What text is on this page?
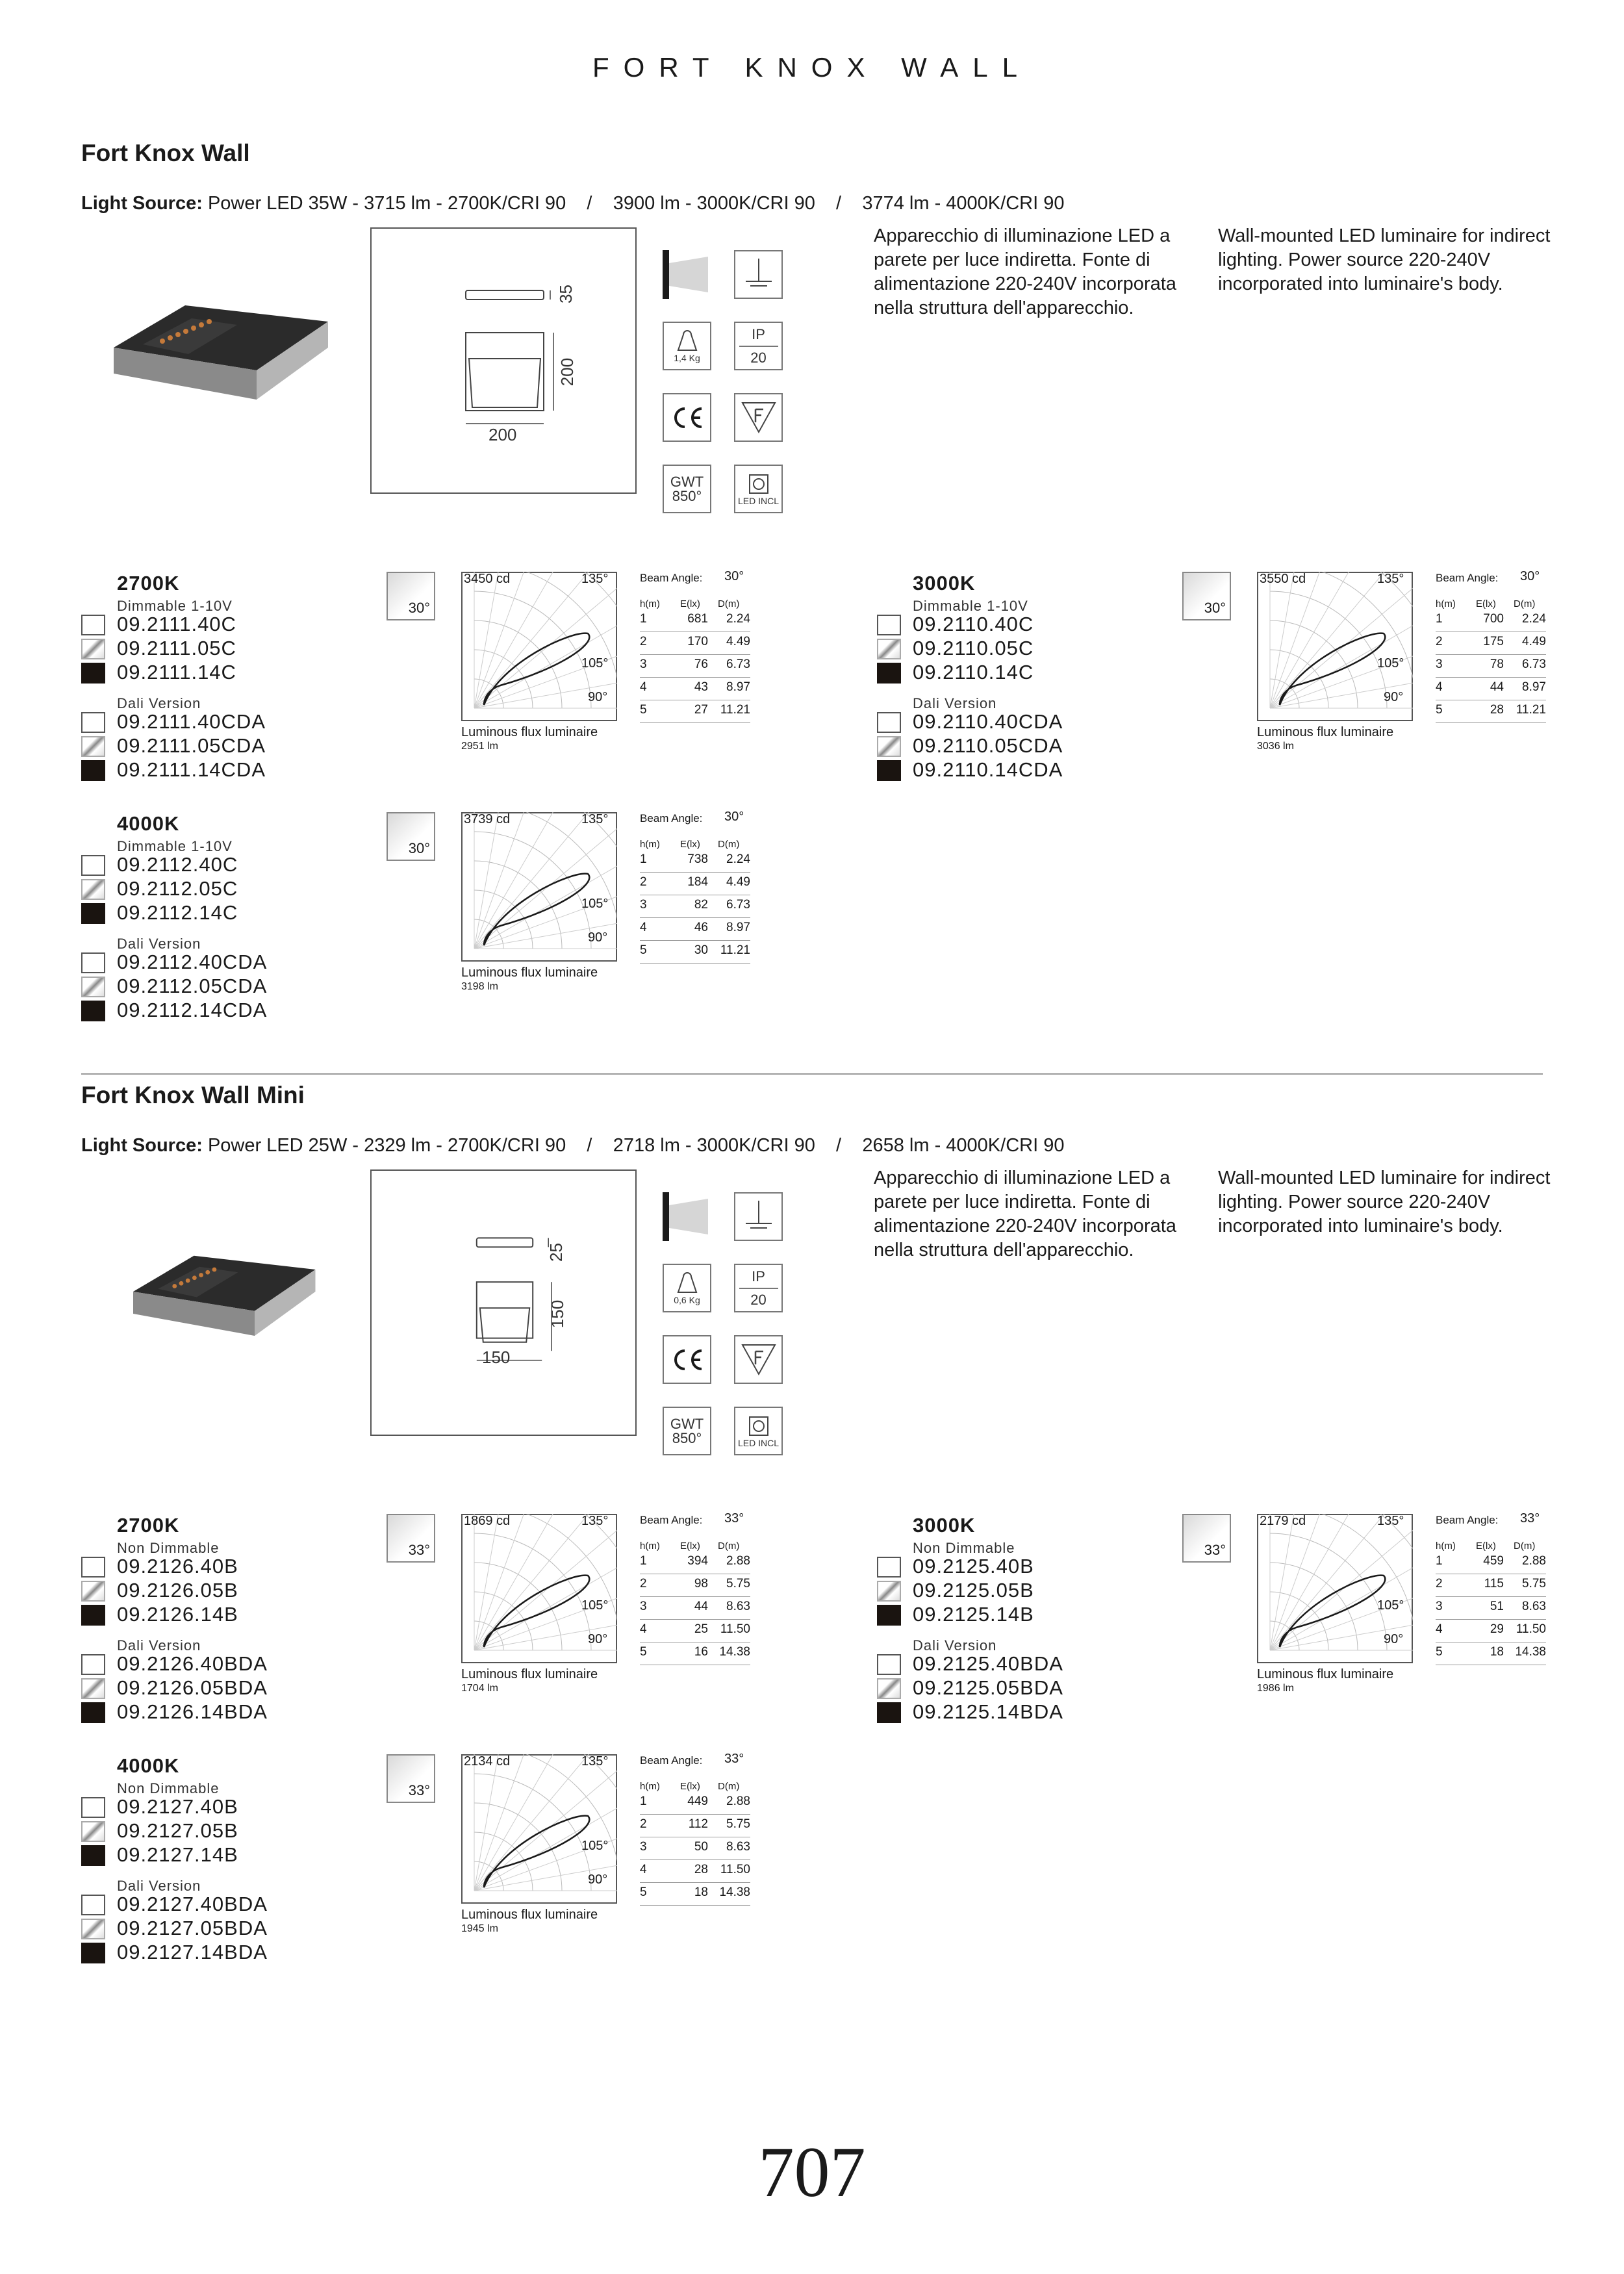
FORT KNOX WALL
Fort Knox Wall
Light Source: Power LED 35W - 3715 lm - 2700K/CRI 90    /    3900 lm - 3000K/CRI 90    /    3774 lm - 4000K/CRI 90
35
200
200
1,4 Kg
IP
20
GWT
850°	LED INCL
Apparecchio di illuminazione LED a parete per luce indiretta. Fonte di alimentazione 220-240V incorporata nella struttura dell'apparecchio.
Wall-mounted LED luminaire for indirect lighting. Power source 220-240V incorporated into luminaire's body.
2700K
Dimmable 1-10V
09.2111.40C
09.2111.05C
09.2111.14C
Dali Version
09.2111.40CDA
09.2111.05CDA
09.2111.14CDA
30°
3450 cd	135°
105°
90°
Luminous flux luminaire
2951 lm
Beam Angle: 30°
h(m) E(lx) D(m)
1	681 2.24
2	170 4.49
3	76 6.73
4	43 8.97
5	27 11.21
3000K
Dimmable 1-10V
09.2110.40C
09.2110.05C
09.2110.14C
Dali Version
09.2110.40CDA
09.2110.05CDA
09.2110.14CDA
30°
3550 cd	135°
105°
90°
Luminous flux luminaire
3036 lm
Beam Angle: 30°
h(m) E(lx) D(m)
1	700 2.24
2	175 4.49
3	78 6.73
4	44 8.97
5	28 11.21
4000K
Dimmable 1-10V
09.2112.40C
09.2112.05C
09.2112.14C
Dali Version
09.2112.40CDA
09.2112.05CDA
09.2112.14CDA
30°
3739 cd	135°
105°
90°
Luminous flux luminaire
3198 lm
Beam Angle: 30°
h(m) E(lx) D(m)
1	738 2.24
2	184 4.49
3	82 6.73
4	46 8.97
5	30 11.21
Fort Knox Wall Mini
Light Source: Power LED 25W - 2329 lm - 2700K/CRI 90    /    2718 lm - 3000K/CRI 90    /    2658 lm - 4000K/CRI 90
25
150
150
0,6 Kg
IP
20
GWT
850°	LED INCL
Apparecchio di illuminazione LED a parete per luce indiretta. Fonte di alimentazione 220-240V incorporata nella struttura dell'apparecchio.
Wall-mounted LED luminaire for indirect lighting. Power source 220-240V incorporated into luminaire's body.
2700K
Non Dimmable
09.2126.40B
09.2126.05B
09.2126.14B
Dali Version
09.2126.40BDA
09.2126.05BDA
09.2126.14BDA
33°
1869 cd	135°
105°
90°
Luminous flux luminaire
1704 lm
Beam Angle: 33°
h(m) E(lx) D(m)
1	394 2.88
2	98 5.75
3	44 8.63
4	25 11.50
5	16 14.38
3000K
Non Dimmable
09.2125.40B
09.2125.05B
09.2125.14B
Dali Version
09.2125.40BDA
09.2125.05BDA
09.2125.14BDA
33°
2179 cd	135°
105°
90°
Luminous flux luminaire
1986 lm
Beam Angle: 33°
h(m) E(lx) D(m)
1	459 2.88
2	115 5.75
3	51 8.63
4	29 11.50
5	18 14.38
4000K
Non Dimmable
09.2127.40B
09.2127.05B
09.2127.14B
Dali Version
09.2127.40BDA
09.2127.05BDA
09.2127.14BDA
33°
2134 cd	135°
105°
90°
Luminous flux luminaire
1945 lm
Beam Angle: 33°
h(m) E(lx) D(m)
1	449 2.88
2	112 5.75
3	50 8.63
4	28 11.50
5	18 14.38
707
